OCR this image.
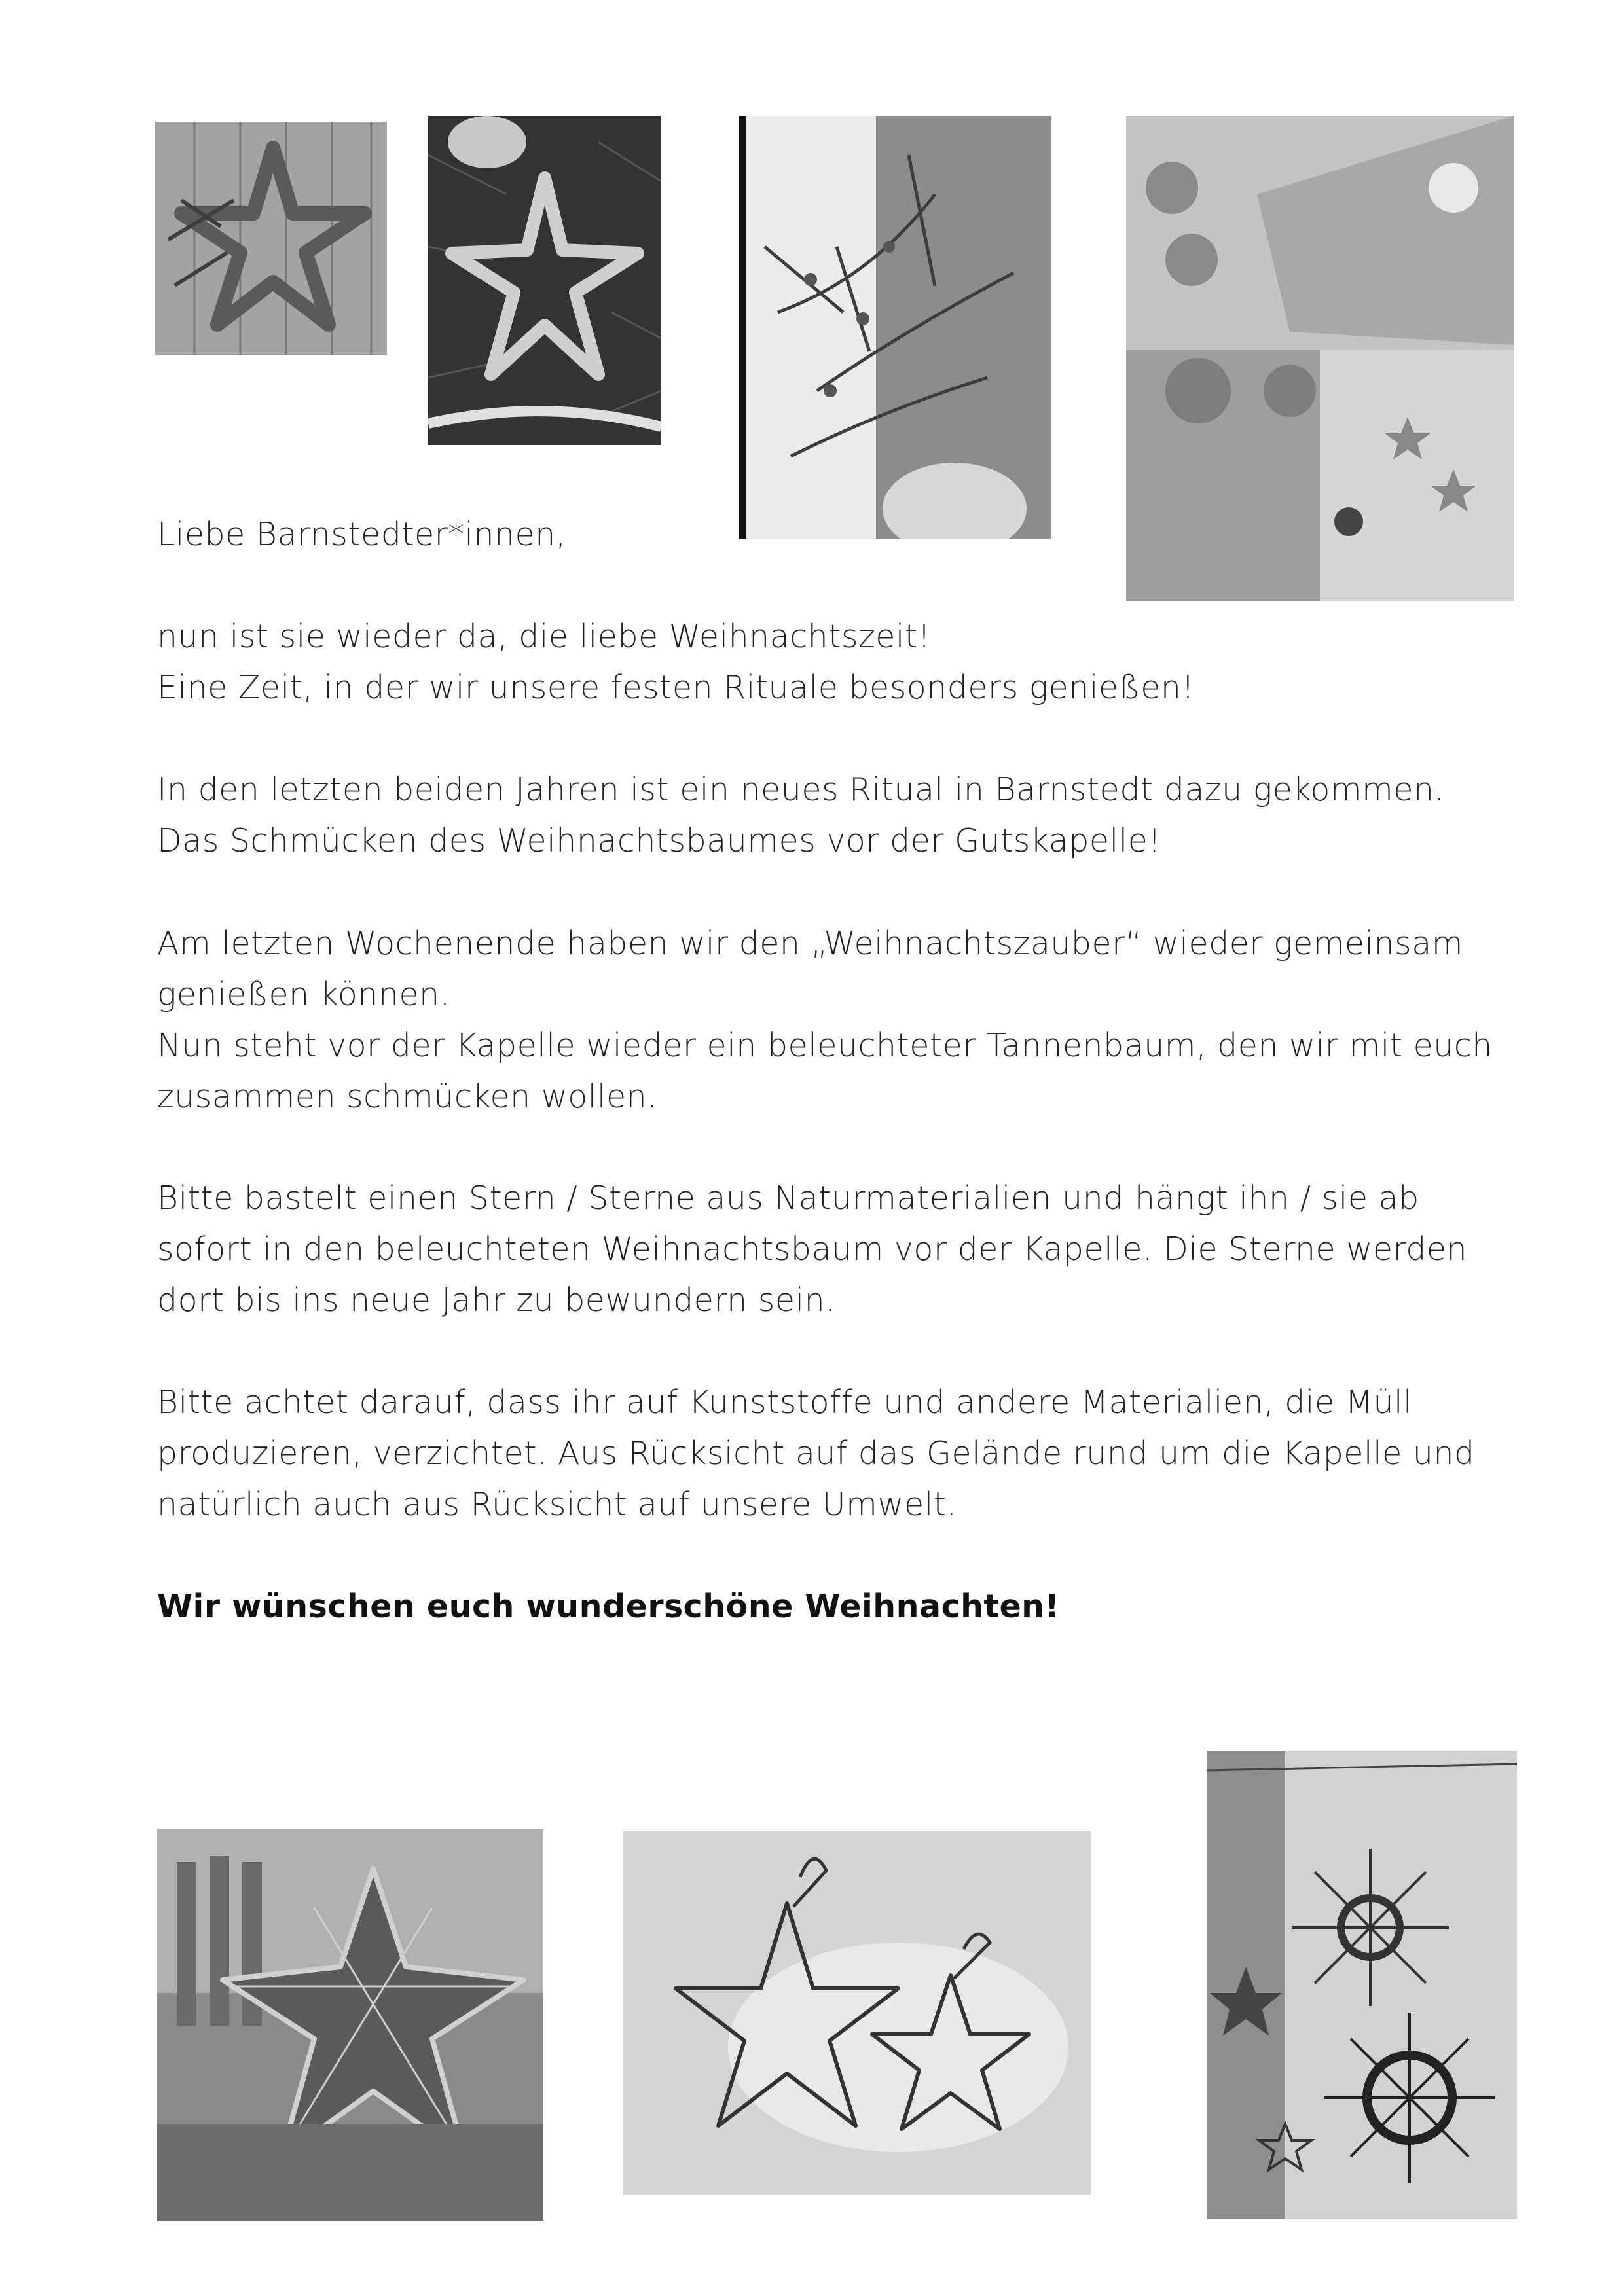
Liebe Barnstedter*innen,

nun ist sie wieder da, die liebe Weihnachtszeit!

Eine Zeit, in der wir unsere festen Rituale besonders genießen!

In den letzten beiden Jahren ist ein neues Ritual in Barnstedt dazu gekommen.

Das Schmücken des Weihnachtsbaumes vor der Gutskapelle!

Am letzten Wochenende haben wir den „Weihnachtszauber“ wieder gemeinsam

genießen können.

Nun steht vor der Kapelle wieder ein beleuchteter Tannenbaum, den wir mit euch

zusammen schmücken wollen.

Bitte bastelt einen Stern / Sterne aus Naturmaterialien und hängt ihn / sie ab

sofort in den beleuchteten Weihnachtsbaum vor der Kapelle. Die Sterne werden

dort bis ins neue Jahr zu bewundern sein.

Bitte achtet darauf, dass ihr auf Kunststoffe und andere Materialien, die Müll

produzieren, verzichtet. Aus Rücksicht auf das Gelände rund um die Kapelle und

natürlich auch aus Rücksicht auf unsere Umwelt.

Wir wünschen euch wunderschöne Weihnachten!
